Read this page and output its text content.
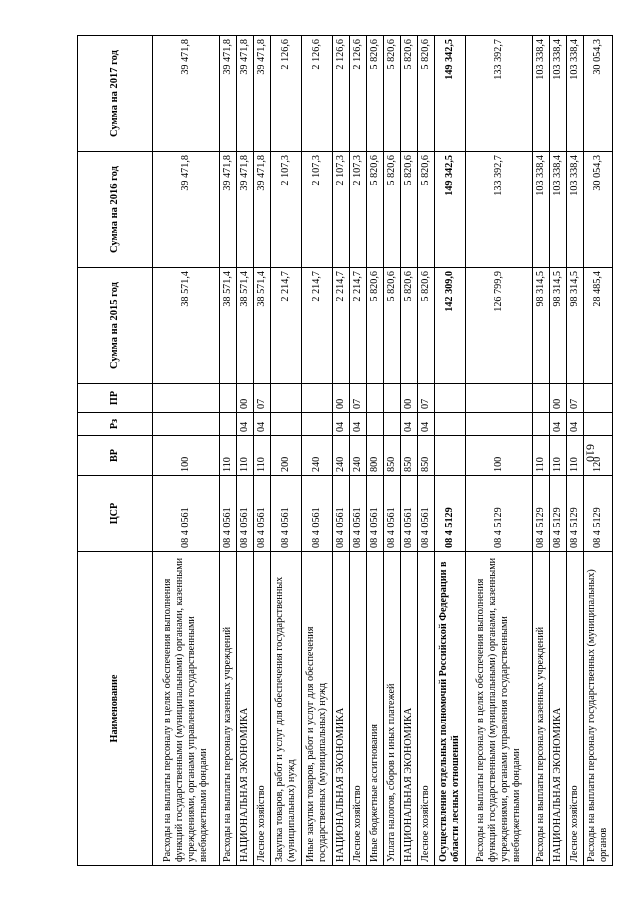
610
Наименование	ЦСР	ВР	Рз	ПР	Сумма на 2015 год	Сумма на 2016 год	Сумма на 2017 год
Расходы на выплаты персоналу в целях обеспечения выполнения функций государственными (муниципальными) органами, казенными учреждениями, органами управления государственными внебюджетными фондами	08 4 0561	100			38 571,4	39 471,8	39 471,8
Расходы на выплаты персоналу казенных учреждений	08 4 0561	110			38 571,4	39 471,8	39 471,8
НАЦИОНАЛЬНАЯ ЭКОНОМИКА	08 4 0561	110	04	00	38 571,4	39 471,8	39 471,8
Лесное хозяйство	08 4 0561	110	04	07	38 571,4	39 471,8	39 471,8
Закупка товаров, работ и услуг для обеспечения государственных (муниципальных) нужд	08 4 0561	200			2 214,7	2 107,3	2 126,6
Иные закупки товаров, работ и услуг для обеспечения государственных (муниципальных) нужд	08 4 0561	240			2 214,7	2 107,3	2 126,6
НАЦИОНАЛЬНАЯ ЭКОНОМИКА	08 4 0561	240	04	00	2 214,7	2 107,3	2 126,6
Лесное хозяйство	08 4 0561	240	04	07	2 214,7	2 107,3	2 126,6
Иные бюджетные ассигнования	08 4 0561	800			5 820,6	5 820,6	5 820,6
Уплата налогов, сборов и иных платежей	08 4 0561	850			5 820,6	5 820,6	5 820,6
НАЦИОНАЛЬНАЯ ЭКОНОМИКА	08 4 0561	850	04	00	5 820,6	5 820,6	5 820,6
Лесное хозяйство	08 4 0561	850	04	07	5 820,6	5 820,6	5 820,6
Осуществление отдельных полномочий Российской Федерации в области лесных отношений	08 4 5129				142 309,0	149 342,5	149 342,5
Расходы на выплаты персоналу в целях обеспечения выполнения функций государственными (муниципальными) органами, казенными учреждениями, органами управления государственными внебюджетными фондами	08 4 5129	100			126 799,9	133 392,7	133 392,7
Расходы на выплаты персоналу казенных учреждений	08 4 5129	110			98 314,5	103 338,4	103 338,4
НАЦИОНАЛЬНАЯ ЭКОНОМИКА	08 4 5129	110	04	00	98 314,5	103 338,4	103 338,4
Лесное хозяйство	08 4 5129	110	04	07	98 314,5	103 338,4	103 338,4
Расходы на выплаты персоналу государственных (муниципальных) органов	08 4 5129	120			28 485,4	30 054,3	30 054,3
